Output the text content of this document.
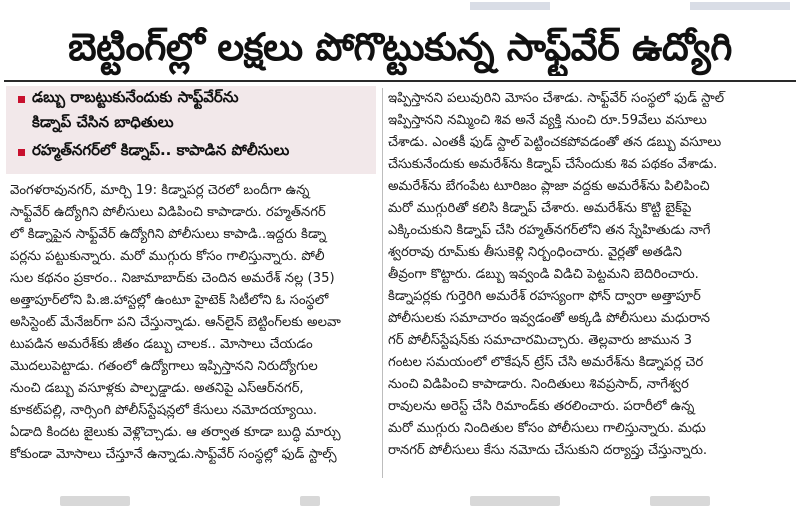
బెట్టింగ్‌ల్లో లక్షలు పోగొట్టుకున్న సాఫ్ట్‌వేర్ ఉద్యోగి
డబ్బు రాబట్టుకునేందుకు సాఫ్ట్‌వేర్‌ను
కిడ్నాప్ చేసిన బాధితులు
రహ్మత్‌నగర్‌లో కిడ్నాప్.. కాపాడిన పోలీసులు
వెంగళరావునగర్, మార్చి 19: కిడ్నాపర్ల చెరలో బందీగా ఉన్న
సాఫ్ట్‌వేర్ ఉద్యోగిని పోలీసులు విడిపించి కాపాడారు. రహ్మత్‌నగర్
లో కిడ్నాపైన సాఫ్ట్‌వేర్ ఉద్యోగిని పోలీసులు కాపాడి..ఇద్దరు కిడ్నా
పర్లను పట్టుకున్నారు. మరో ముగ్గురు కోసం గాలిస్తున్నారు. పోలీ
సుల కథనం ప్రకారం.. నిజామాబాద్‌కు చెందిన అమరేశ్ నల్ల (35)
అత్తాపూర్‌లోని పి.జి.హాస్టల్లో ఉంటూ హైటెక్ సిటీలోని ఓ సంస్థలో
అసిస్టెంట్ మేనేజర్‌గా పని చేస్తున్నాడు. ఆన్‌లైన్ బెట్టింగ్‌లకు అలవా
టుపడిన అమరేశ్‌కు జీతం డబ్బు చాలక.. మోసాలు చేయడం
మొదలుపెట్టాడు. గతంలో ఉద్యోగాలు ఇప్పిస్తానని నిరుద్యోగుల
నుంచి డబ్బు వసూళ్లకు పాల్పడ్డాడు. అతనిపై ఎస్‌ఆర్‌నగర్,
కూకట్‌పల్లి, నార్సింగి పోలీస్‌స్టేషన్లలో కేసులు నమోదయ్యాయి.
ఏడాది కిందట జైలుకు వెళ్లొచ్చాడు. ఆ తర్వాత కూడా బుద్ధి మార్చు
కోకుండా మోసాలు చేస్తూనే ఉన్నాడు.సాఫ్ట్‌వేర్ సంస్థల్లో ఫుడ్ స్టాల్స్
ఇప్పిస్తానని పలువురిని మోసం చేశాడు. సాఫ్ట్‌వేర్ సంస్థలో ఫుడ్ స్టాల్
ఇప్పిస్తానని నమ్మించి శివ అనే వ్యక్తి నుంచి రూ.59వేలు వసూలు
చేశాడు. ఎంతకీ ఫుడ్ స్టాల్ పెట్టించకపోవడంతో తన డబ్బు వసూలు
చేసుకునేందుకు అమరేశ్‌ను కిడ్నాప్ చేసేందుకు శివ పథకం వేశాడు.
అమరేశ్‌ను బేగంపేట టూరిజం ప్లాజా వద్దకు అమరేశ్‌ను పిలిపించి
మరో ముగ్గురితో కలిసి కిడ్నాప్ చేశారు. అమరేశ్‌ను కొట్టి బైక్‌పై
ఎక్కించుకుని కిడ్నాప్ చేసి రహ్మత్‌నగర్‌లోని తన స్నేహితుడు నాగే
శ్వరరావు రూమ్‌కు తీసుకెళ్లి నిర్బంధించారు. వైర్లతో అతడిని
తీవ్రంగా కొట్టారు. డబ్బు ఇవ్వండి విడిచి పెట్టమని బెదిరించారు.
కిడ్నాపర్లకు గుర్తెరిగి అమరేశ్ రహస్యంగా ఫోన్ ద్వారా అత్తాపూర్
పోలీసులకు సమాచారం ఇవ్వడంతో అక్కడి పోలీసులు మధురాన
గర్ పోలీస్‌స్టేషన్‌కు సమాచారమిచ్చారు. తెల్లవారు జామున 3
గంటల సమయంలో లొకేషన్ ట్రేస్ చేసి అమరేశ్‌ను కిడ్నాపర్ల చెర
నుంచి విడిపించి కాపాడారు. నిందితులు శివప్రసాద్, నాగేశ్వర
రావులను అరెస్ట్ చేసి రిమాండ్‌కు తరలించారు. పరారీలో ఉన్న
మరో ముగ్గురు నిందితుల కోసం పోలీసులు గాలిస్తున్నారు. మధు
రానగర్ పోలీసులు కేసు నమోదు చేసుకుని దర్యాప్తు చేస్తున్నారు.
